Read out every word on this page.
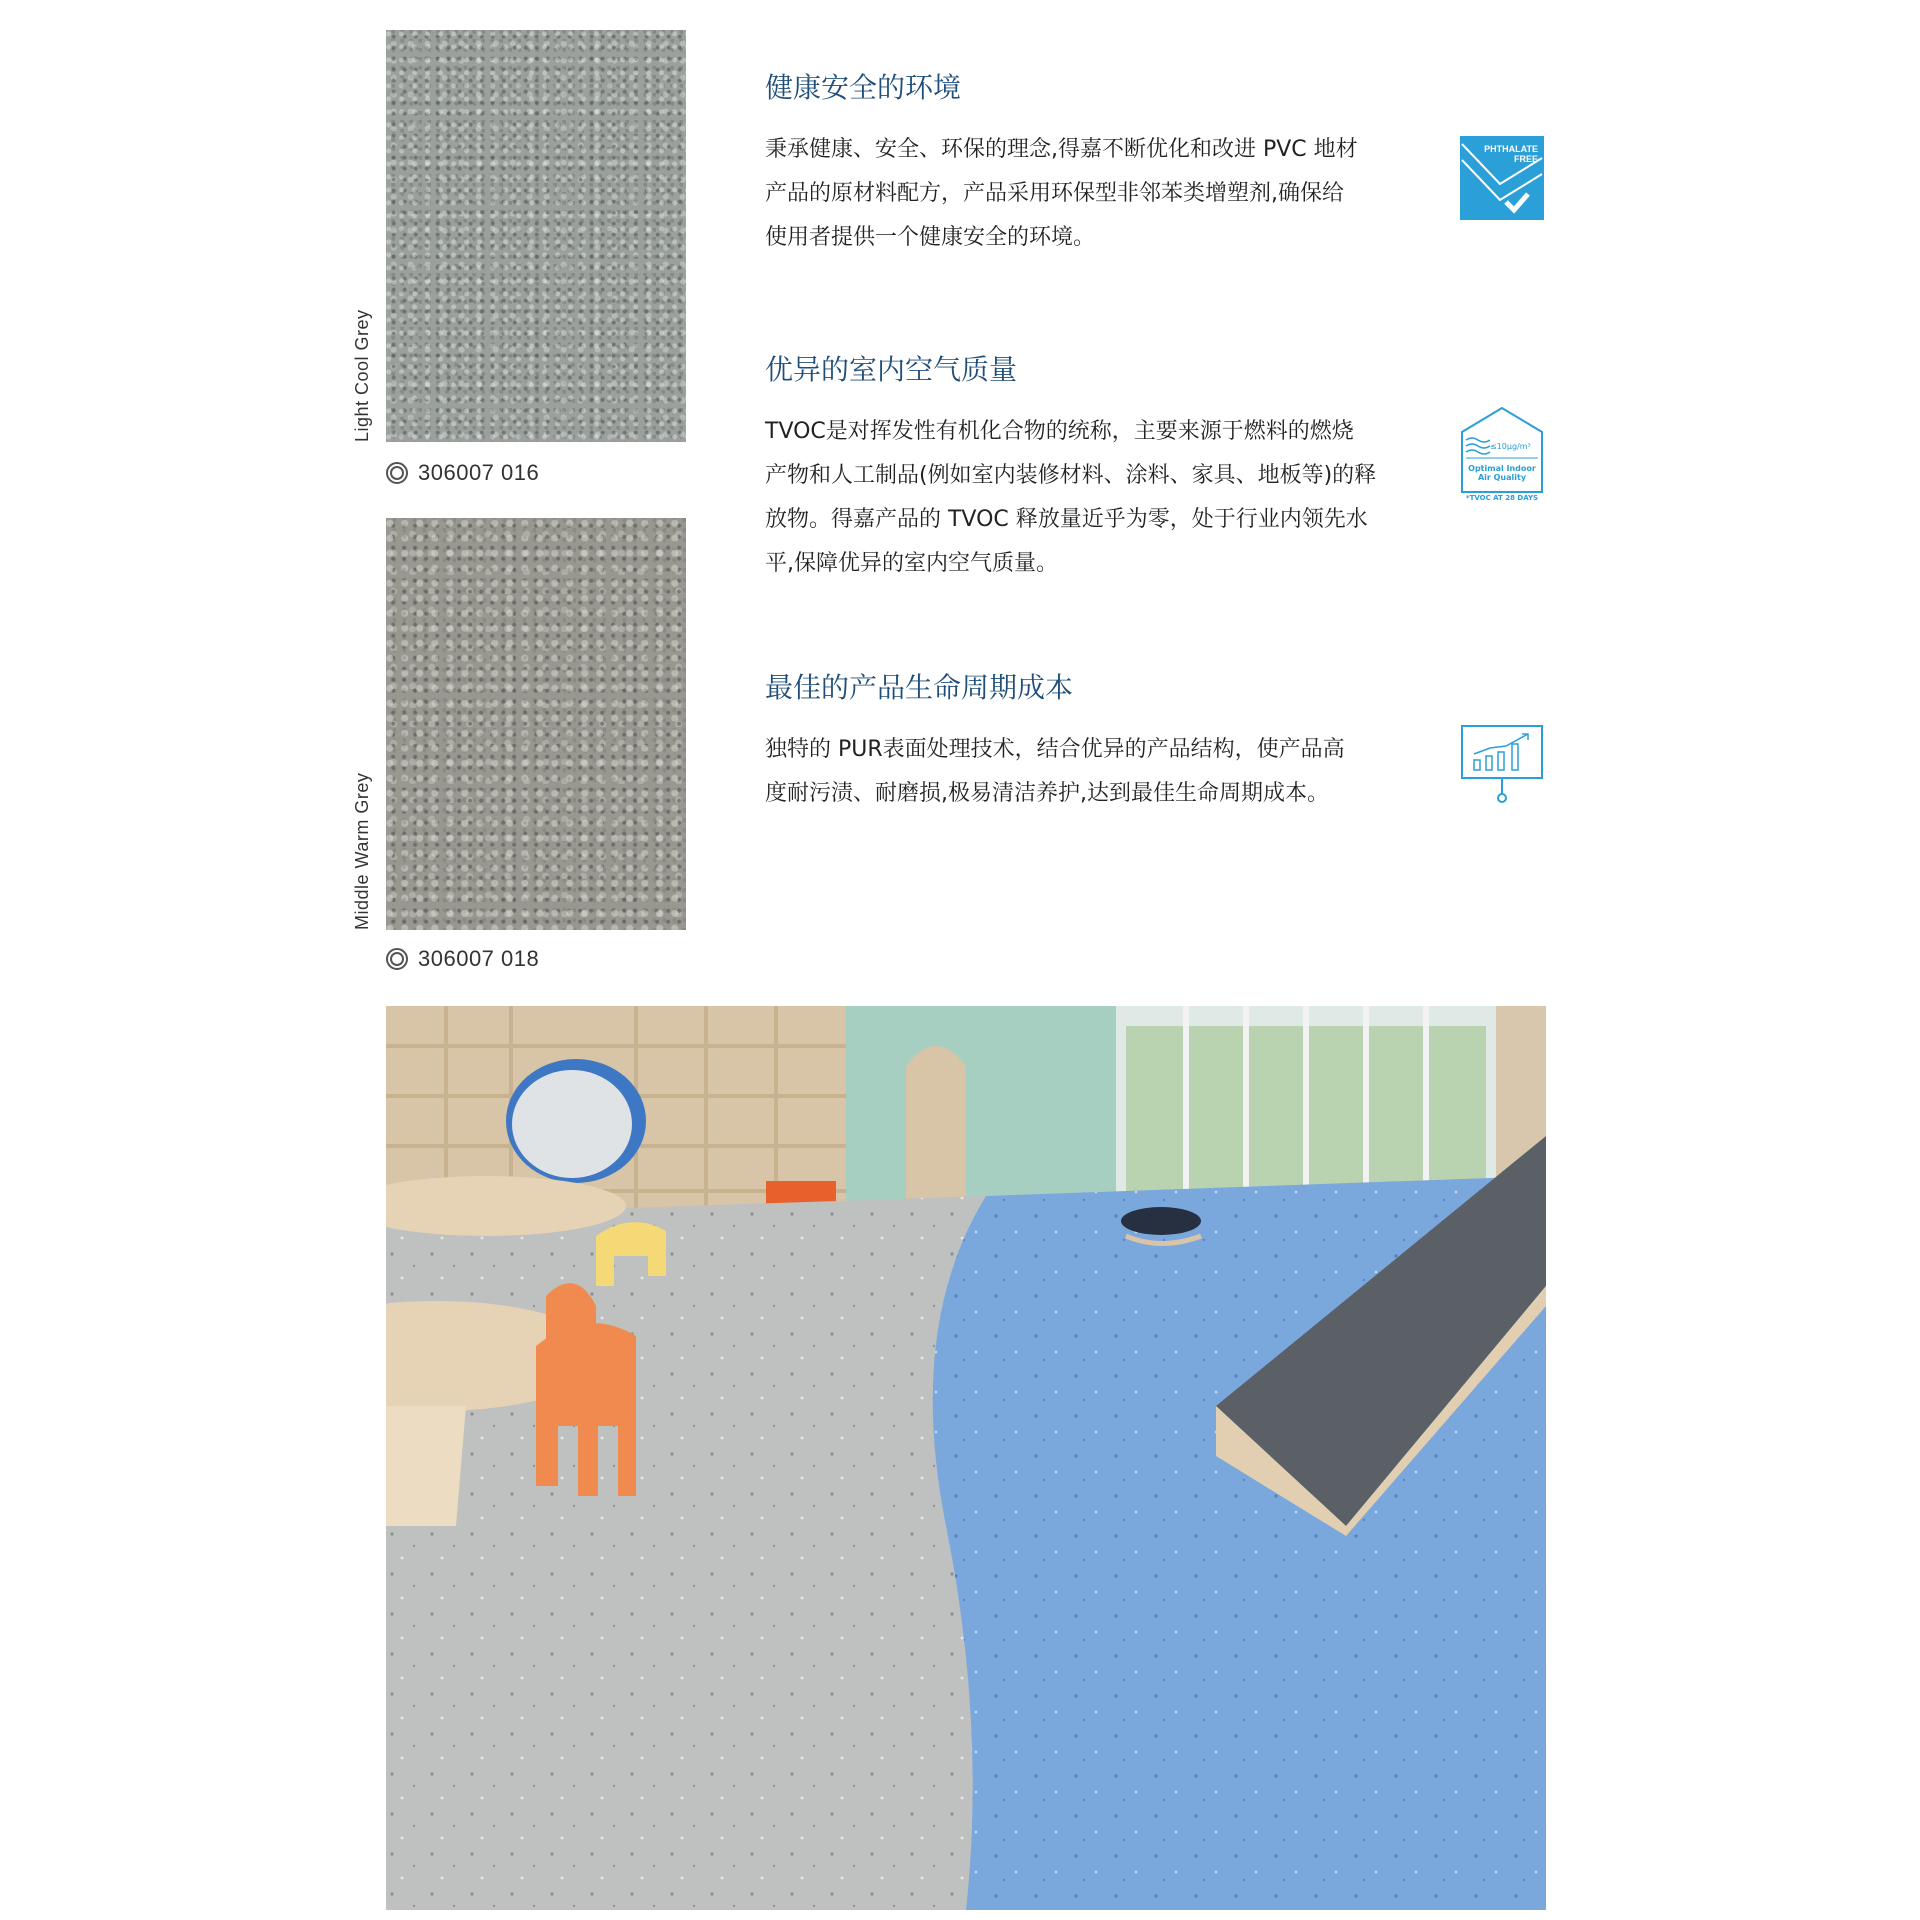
Light Cool Grey
306007 016
Middle Warm Grey
306007 018
健康安全的环境
秉承健康、安全、环保的理念,得嘉不断优化和改进 PVC 地材
产品的原材料配方，产品采用环保型非邻苯类增塑剂,确保给
使用者提供一个健康安全的环境。
PHTHALATE
FREE
优异的室内空气质量
TVOC是对挥发性有机化合物的统称，主要来源于燃料的燃烧
产物和人工制品(例如室内装修材料、涂料、家具、地板等)的释
放物。得嘉产品的 TVOC 释放量近乎为零，处于行业内领先水
平,保障优异的室内空气质量。
≤10μg/m³
Optimal Indoor
Air Quality
*TVOC AT 28 DAYS
最佳的产品生命周期成本
独特的 PUR表面处理技术，结合优异的产品结构，使产品高
度耐污渍、耐磨损,极易清洁养护,达到最佳生命周期成本。
